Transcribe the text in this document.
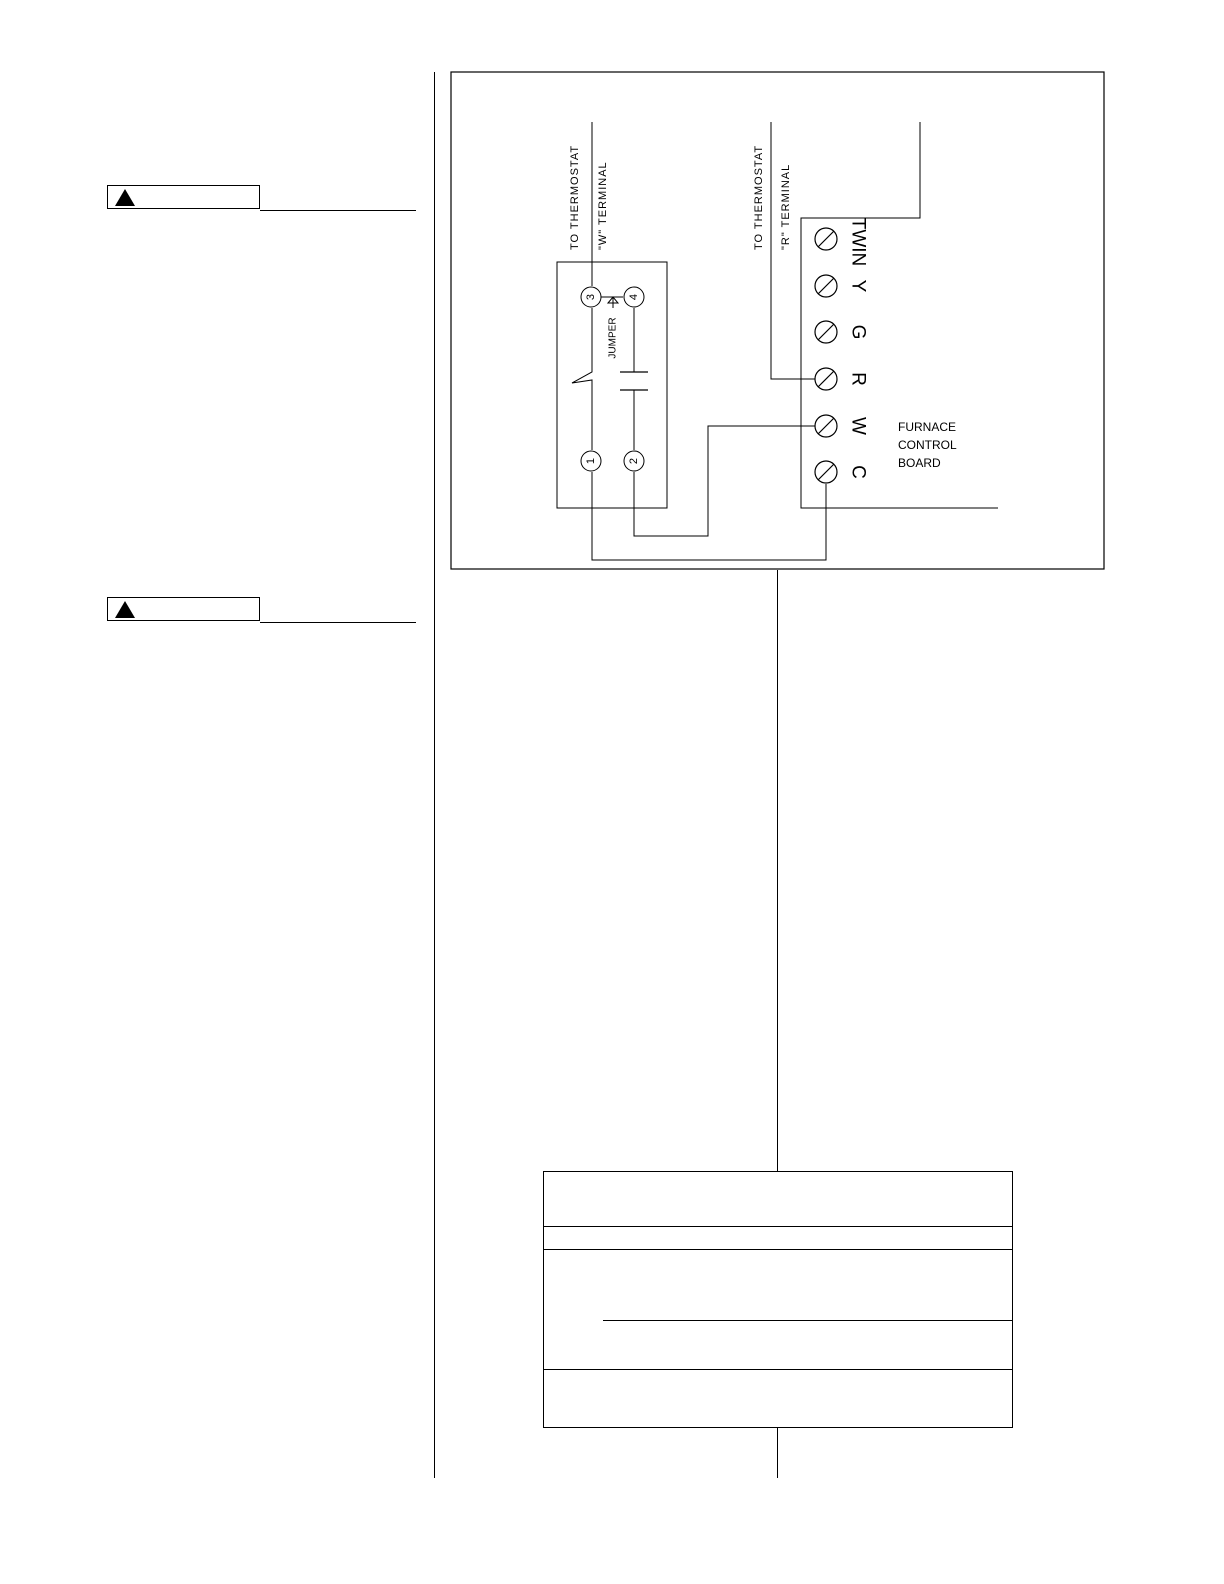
3	4
1	2
JUMPER
TO THERMOSTAT "W" TERMINAL	TO THERMOSTAT "R" TERMINAL	TWIN
Y
G
R
W
C
FURNACE
CONTROL
BOARD
